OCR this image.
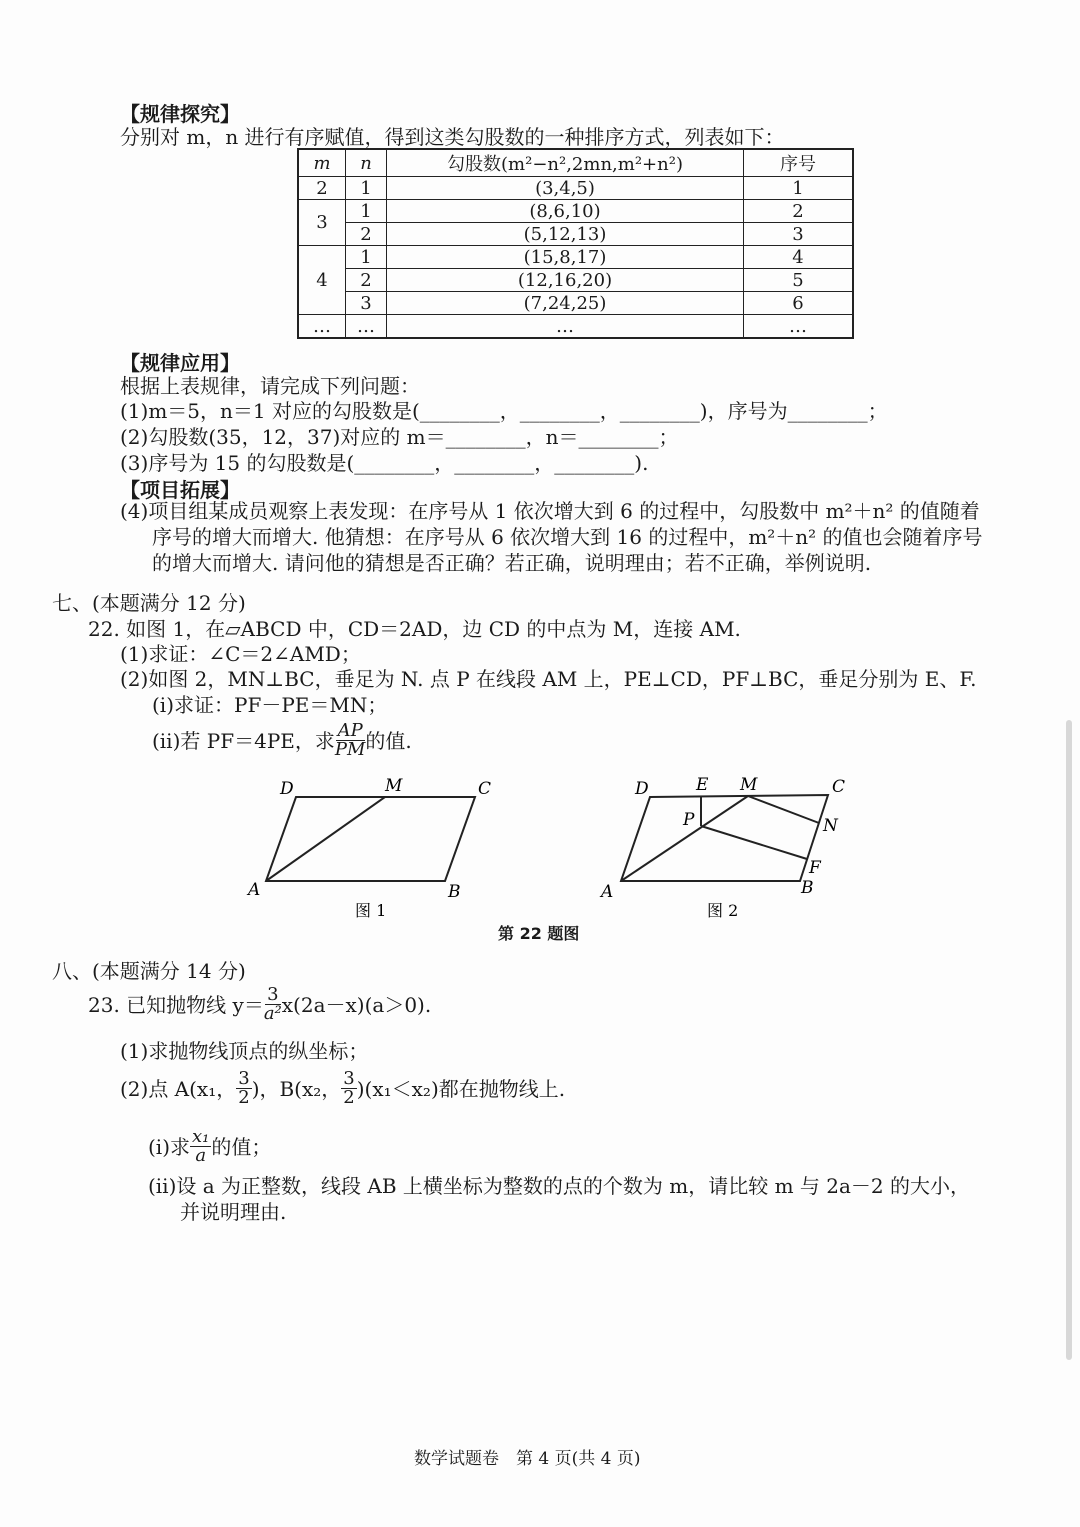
【规律探究】
分别对 m，n 进行有序赋值，得到这类勾股数的一种排序方式，列表如下：
m	n	勾股数(m²−n²,2mn,m²+n²)	序号
2	1	(3,4,5)	1
3	1	(8,6,10)	2
	2	(5,12,13)	3
4	1	(15,8,17)	4
	2	(12,16,20)	5
	3	(7,24,25)	6
…	…	…	…
【规律应用】
根据上表规律，请完成下列问题：
(1)m＝5，n＝1 对应的勾股数是(________，________，________)，序号为________；
(2)勾股数(35，12，37)对应的 m＝________，n＝________；
(3)序号为 15 的勾股数是(________，________，________).
【项目拓展】
(4)项目组某成员观察上表发现：在序号从 1 依次增大到 6 的过程中，勾股数中 m²＋n² 的值随着
序号的增大而增大. 他猜想：在序号从 6 依次增大到 16 的过程中，m²＋n² 的值也会随着序号
的增大而增大. 请问他的猜想是否正确？若正确，说明理由；若不正确，举例说明.
七、(本题满分 12 分)
22. 如图 1，在▱ABCD 中，CD＝2AD，边 CD 的中点为 M，连接 AM.
(1)求证：∠C＝2∠AMD；
(2)如图 2，MN⊥BC，垂足为 N. 点 P 在线段 AM 上，PE⊥CD，PF⊥BC，垂足分别为 E、F.
(ⅰ)求证：PF－PE＝MN；
(ⅱ)若 PF＝4PE，求 $\frac{AP}{PM}$ 的值.
D	M	C
A	B
图 1
D	E M	C
P	N
F
A	B
图 2
第 22 题图
八、(本题满分 14 分)
23. 已知抛物线 $y= \frac{3}{\text{a²}} x(2a-x)(a>0)$.
(1)求抛物线顶点的纵坐标；
(2)点 A(x₁， $\frac{3}{2}$ )，B(x₂， $\frac{3}{2} )(x_1<x_2)$都在抛物线上.
(ⅰ)求 $\frac{\text{x₁}}{a}$ 的值；
(ⅱ)设 a 为正整数，线段 AB 上横坐标为整数的点的个数为 m，请比较 m 与 2a－2 的大小，
并说明理由.
数学试题卷　第 4 页(共 4 页)
